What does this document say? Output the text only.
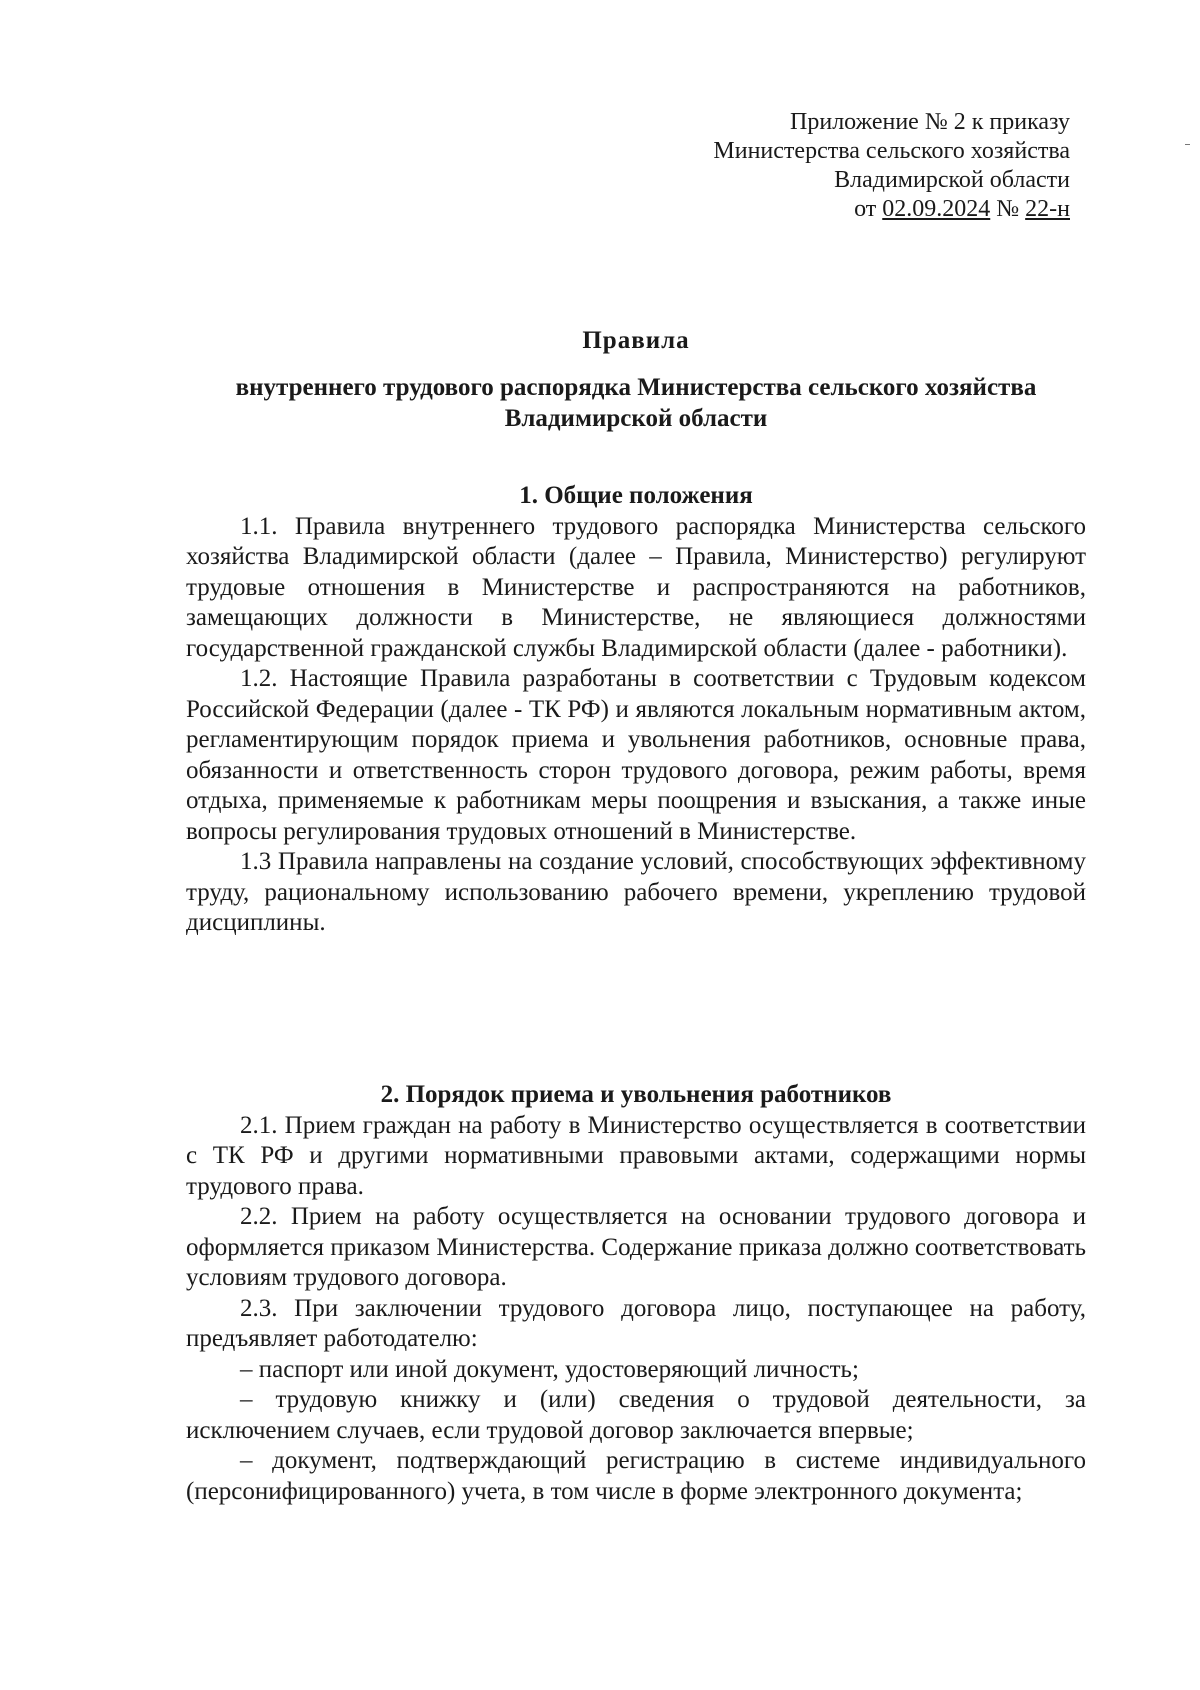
Приложение № 2 к приказу
Министерства сельского хозяйства
Владимирской области
от 02.09.2024 № 22-н
Правила
внутреннего трудового распорядка Министерства сельского хозяйства Владимирской области

1. Общие положения

1.1. Правила внутреннего трудового распорядка Министерства сельского хозяйства Владимирской области (далее – Правила, Министерство) регулируют трудовые отношения в Министерстве и распространяются на работников, замещающих должности в Министерстве, не являющиеся должностями государственной гражданской службы Владимирской области (далее - работники).

1.2. Настоящие Правила разработаны в соответствии с Трудовым кодексом Российской Федерации (далее - ТК РФ) и являются локальным нормативным актом, регламентирующим порядок приема и увольнения работников, основные права, обязанности и ответственность сторон трудового договора, режим работы, время отдыха, применяемые к работникам меры поощрения и взыскания, а также иные вопросы регулирования трудовых отношений в Министерстве.

1.3 Правила направлены на создание условий, способствующих эффективному труду, рациональному использованию рабочего времени, укреплению трудовой дисциплины.

2. Порядок приема и увольнения работников

2.1. Прием граждан на работу в Министерство осуществляется в соответствии с ТК РФ и другими нормативными правовыми актами, содержащими нормы трудового права.

2.2. Прием на работу осуществляется на основании трудового договора и оформляется приказом Министерства. Содержание приказа должно соответствовать условиям трудового договора.

2.3. При заключении трудового договора лицо, поступающее на работу, предъявляет работодателю:

– паспорт или иной документ, удостоверяющий личность;

– трудовую книжку и (или) сведения о трудовой деятельности, за исключением случаев, если трудовой договор заключается впервые;

– документ, подтверждающий регистрацию в системе индивидуального (персонифицированного) учета, в том числе в форме электронного документа;
